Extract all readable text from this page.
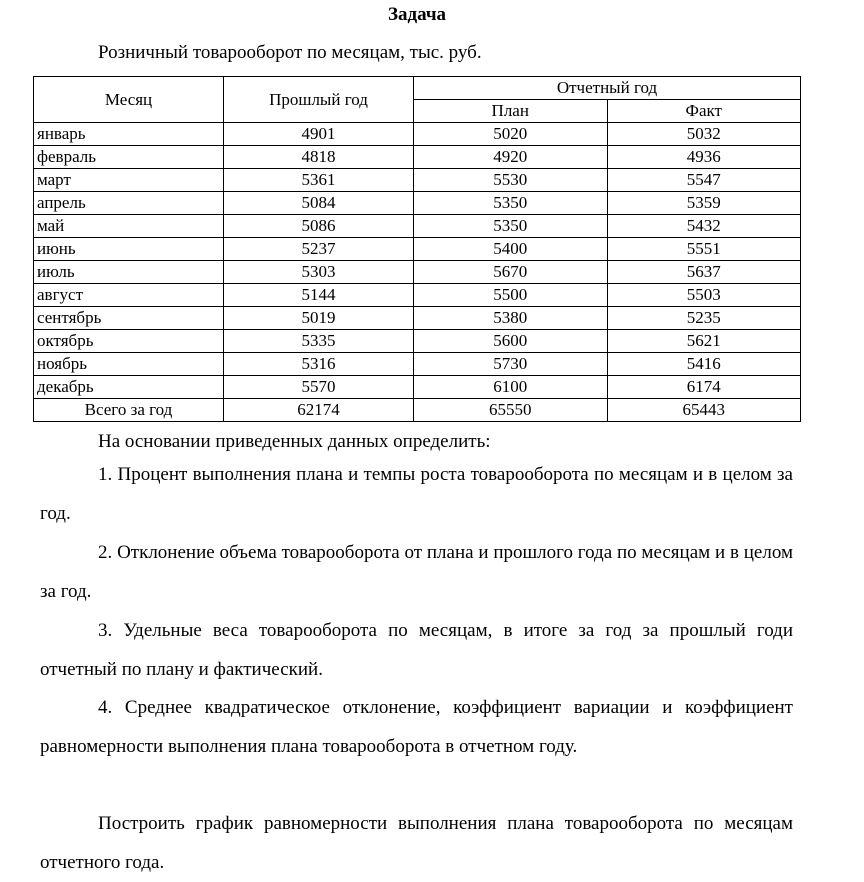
Задача
Розничный товарооборот по месяцам, тыс. руб.
Месяц	Прошлый год	Отчетный год	
		План	Факт
январь	4901	5020	5032
февраль	4818	4920	4936
март	5361	5530	5547
апрель	5084	5350	5359
май	5086	5350	5432
июнь	5237	5400	5551
июль	5303	5670	5637
август	5144	5500	5503
сентябрь	5019	5380	5235
октябрь	5335	5600	5621
ноябрь	5316	5730	5416
декабрь	5570	6100	6174
Всего за год	62174	65550	65443
На основании приведенных данных определить:
1. Процент выполнения плана и темпы роста товарооборота по месяцам и в целом за год.
2. Отклонение объема товарооборота от плана и прошлого года по месяцам и в целом за год.
3. Удельные веса товарооборота по месяцам, в итоге за год за прошлый годи отчетный по плану и фактический.
4. Среднее квадратическое отклонение, коэффициент вариации и коэффициент равномерности выполнения плана товарооборота в отчетном году.
Построить график равномерности выполнения плана товарооборота по месяцам отчетного года.
